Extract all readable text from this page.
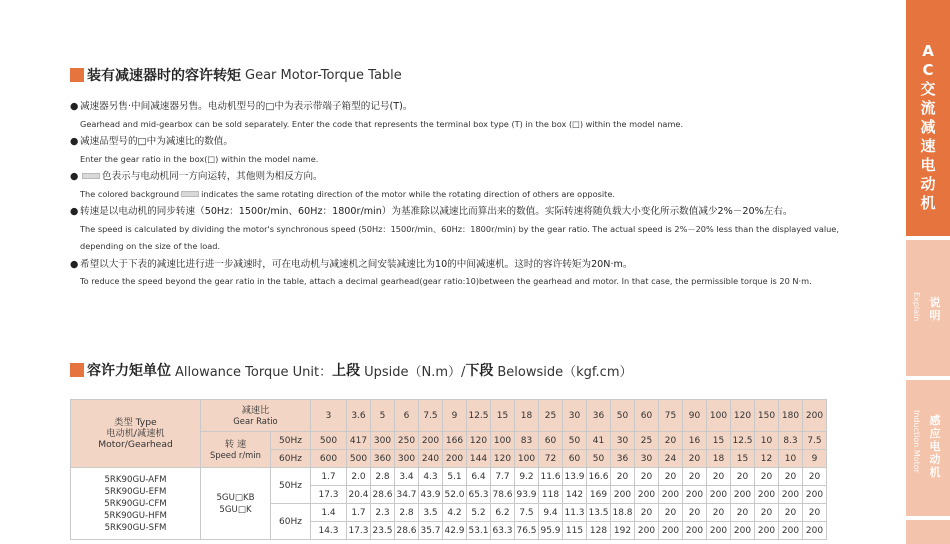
AC交流减速电动机
说明
Explain
感应电动机
Induction Motor
装有减速器时的容许转矩 Gear Motor-Torque Table
● 减速器另售·中间减速器另售。电动机型号的□中为表示带端子箱型的记号(T)。
Gearhead and mid-gearbox can be sold separately. Enter the code that represents the terminal box type (T) in the box (□) within the model name.
● 减速品型号的□中为减速比的数值。
Enter the gear ratio in the box(□) within the model name.
● 色表示与电动机同一方向运转，其他则为相反方向。
The colored background	indicates the same rotating direction of the motor while the rotating direction of others are opposite.
● 转速是以电动机的同步转速（50Hz：1500r/min、60Hz：1800r/min）为基准除以减速比而算出来的数值。实际转速将随负载大小变化所示数值减少2%－20%左右。
The speed is calculated by dividing the motor's synchronous speed (50Hz：1500r/min、60Hz：1800r/min) by the gear ratio. The actual speed is 2%－20% less than the displayed value, depending on the size of the load.
● 希望以大于下表的减速比进行进一步减速时，可在电动机与减速机之间安装减速比为10的中间减速机。这时的容许转矩为20N·m。
To reduce the speed beyond the gear ratio in the table, attach a decimal gearhead(gear ratio:10)between the gearhead and motor. In that case, the permissible torque is 20 N·m.
容许力矩单位 Allowance Torque Unit： 上段 Upside（N.m）/ 下段 Belowside（kgf.cm）
类型 Type
电动机/减速机
Motor/Gearhead	减速比
Gear Ratio		3	3.6	5	6	7.5	9	12.5	15	18	25	30	36	50	60	75	90	100	120	150	180	200
	转 速
Speed r/min	50Hz	500	417	300	250	200	166	120	100	83	60	50	41	30	25	20	16	15	12.5	10	8.3	7.5
		60Hz	600	500	360	300	240	200	144	120	100	72	60	50	36	30	24	20	18	15	12	10	9
5RK90GU-AFM
5RK90GU-EFM
5RK90GU-CFM
5RK90GU-HFM
5RK90GU-SFM	5GU□KB
5GU□K	50Hz	1.7	2.0	2.8	3.4	4.3	5.1	6.4	7.7	9.2	11.6	13.9	16.6	20	20	20	20	20	20	20	20	20
			17.3	20.4	28.6	34.7	43.9	52.0	65.3	78.6	93.9	118	142	169	200	200	200	200	200	200	200	200	200
		60Hz	1.4	1.7	2.3	2.8	3.5	4.2	5.2	6.2	7.5	9.4	11.3	13.5	18.8	20	20	20	20	20	20	20	20
			14.3	17.3	23.5	28.6	35.7	42.9	53.1	63.3	76.5	95.9	115	128	192	200	200	200	200	200	200	200	200
